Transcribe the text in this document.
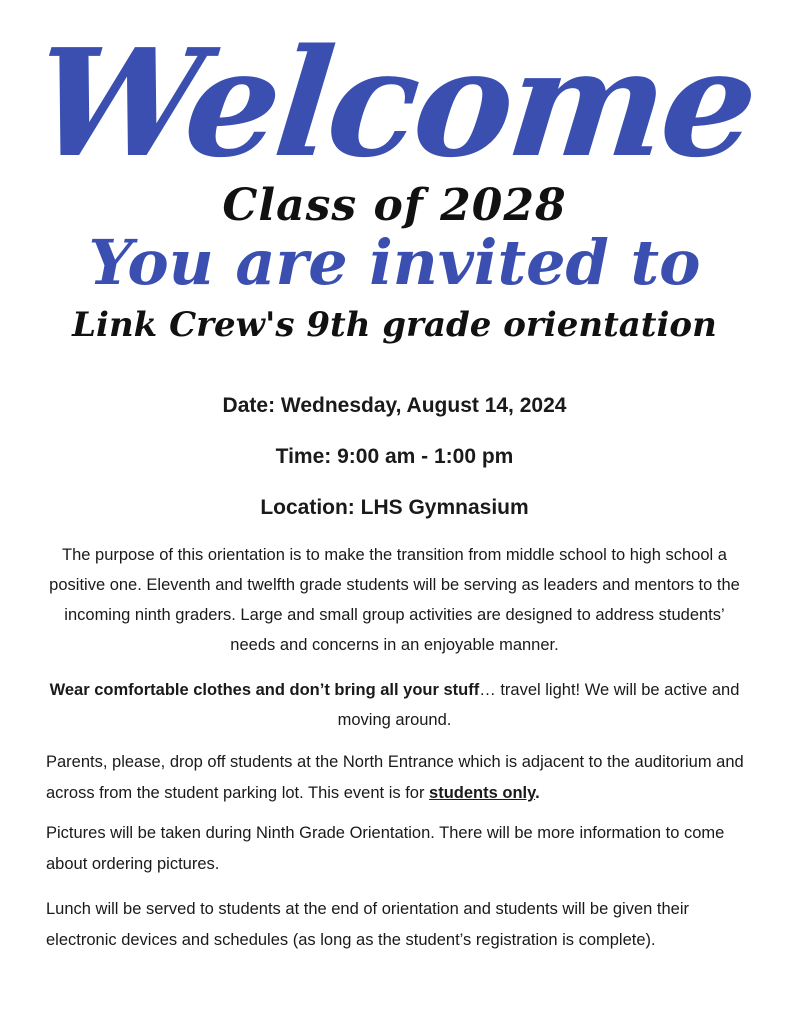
Welcome
Class of 2028
You are invited to
Link Crew's 9th grade orientation
Date: Wednesday, August 14, 2024
Time: 9:00 am - 1:00 pm
Location: LHS Gymnasium

The purpose of this orientation is to make the transition from middle school to high school a positive one. Eleventh and twelfth grade students will be serving as leaders and mentors to the incoming ninth graders. Large and small group activities are designed to address students’ needs and concerns in an enjoyable manner.

Wear comfortable clothes and don’t bring all your stuff… travel light! We will be active and moving around.

Parents, please, drop off students at the North Entrance which is adjacent to the auditorium and across from the student parking lot. This event is for students only.

Pictures will be taken during Ninth Grade Orientation. There will be more information to come about ordering pictures.

Lunch will be served to students at the end of orientation and students will be given their electronic devices and schedules (as long as the student’s registration is complete).
